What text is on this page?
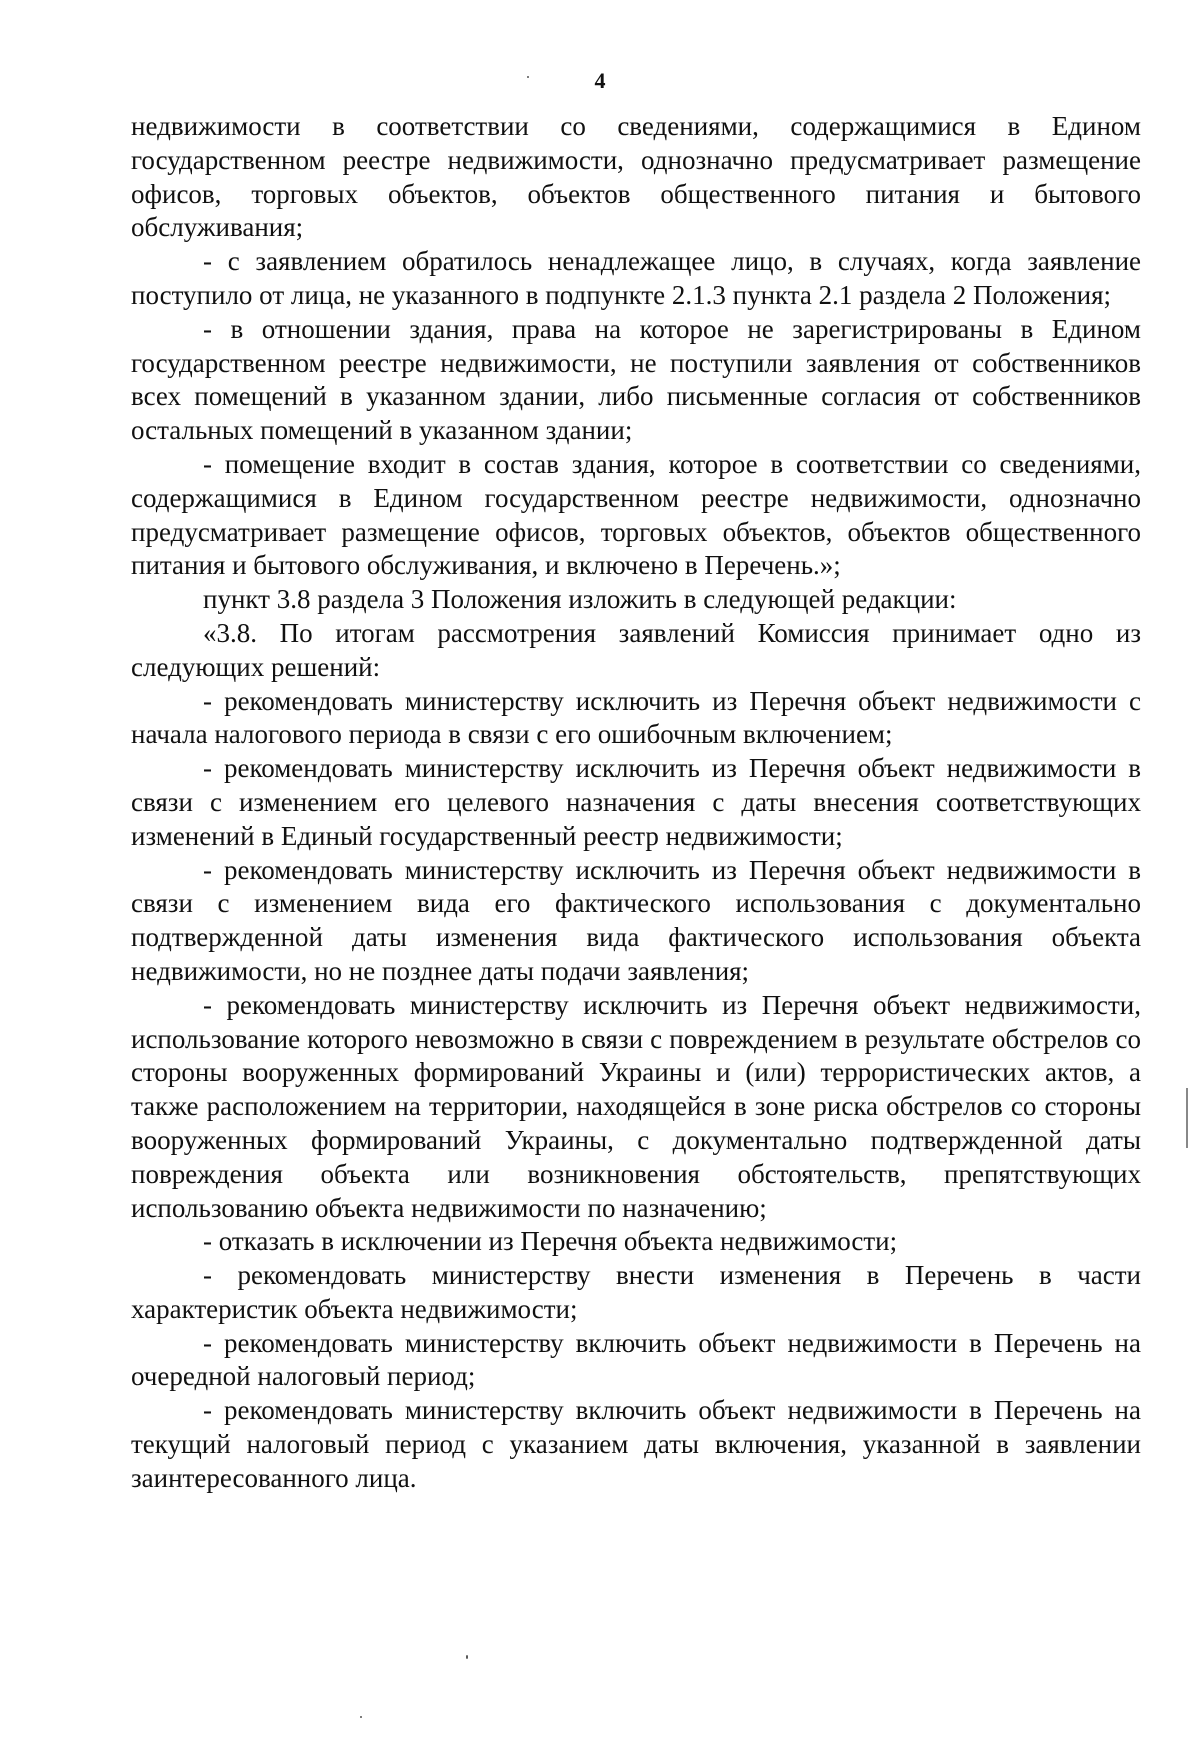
4

недвижимости в соответствии со сведениями, содержащимися в Едином государственном реестре недвижимости, однозначно предусматривает размещение офисов, торговых объектов, объектов общественного питания и бытового обслуживания;

- с заявлением обратилось ненадлежащее лицо, в случаях, когда заявление поступило от лица, не указанного в подпункте 2.1.3 пункта 2.1 раздела 2 Положения;

- в отношении здания, права на которое не зарегистрированы в Едином государственном реестре недвижимости, не поступили заявления от собственников всех помещений в указанном здании, либо письменные согласия от собственников остальных помещений в указанном здании;

- помещение входит в состав здания, которое в соответствии со сведениями, содержащимися в Едином государственном реестре недвижимости, однозначно предусматривает размещение офисов, торговых объектов, объектов общественного питания и бытового обслуживания, и включено в Перечень.»;

пункт 3.8 раздела 3 Положения изложить в следующей редакции:

«3.8. По итогам рассмотрения заявлений Комиссия принимает одно из следующих решений:

- рекомендовать министерству исключить из Перечня объект недвижимости с начала налогового периода в связи с его ошибочным включением;

- рекомендовать министерству исключить из Перечня объект недвижимости в связи с изменением его целевого назначения с даты внесения соответствующих изменений в Единый государственный реестр недвижимости;

- рекомендовать министерству исключить из Перечня объект недвижимости в связи с изменением вида его фактического использования с документально подтвержденной даты изменения вида фактического использования объекта недвижимости, но не позднее даты подачи заявления;

- рекомендовать министерству исключить из Перечня объект недвижимости, использование которого невозможно в связи с повреждением в результате обстрелов со стороны вооруженных формирований Украины и (или) террористических актов, а также расположением на территории, находящейся в зоне риска обстрелов со стороны вооруженных формирований Украины, с документально подтвержденной даты повреждения объекта или возникновения обстоятельств, препятствующих использованию объекта недвижимости по назначению;

- отказать в исключении из Перечня объекта недвижимости;

- рекомендовать министерству внести изменения в Перечень в части характеристик объекта недвижимости;

- рекомендовать министерству включить объект недвижимости в Перечень на очередной налоговый период;

- рекомендовать министерству включить объект недвижимости в Перечень на текущий налоговый период с указанием даты включения, указанной в заявлении заинтересованного лица.
